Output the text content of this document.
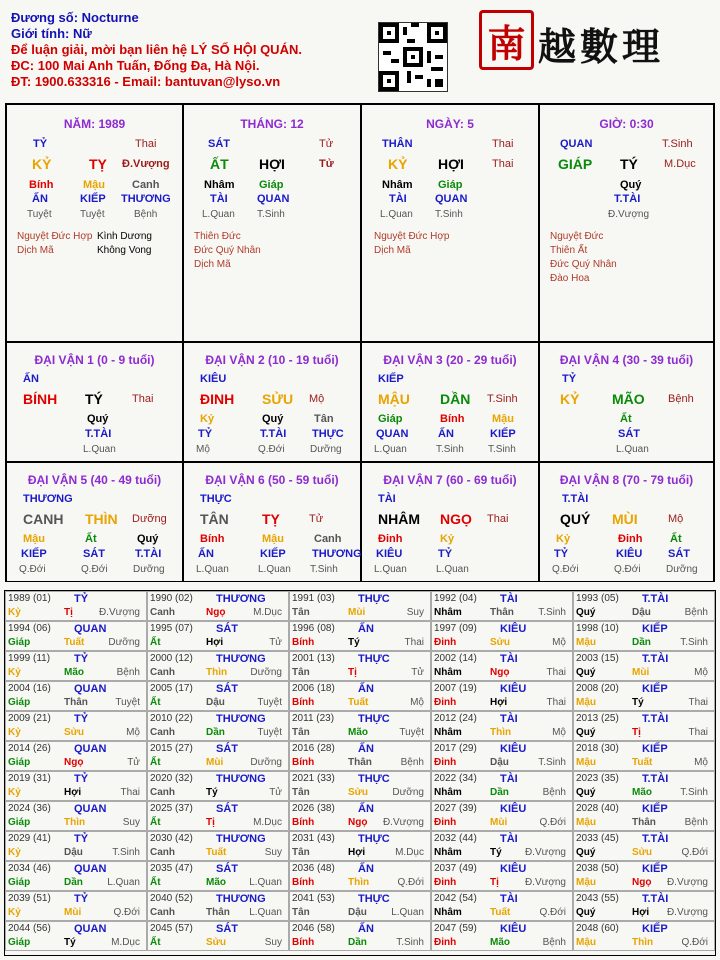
Đương số: Nocturne
Giới tính: Nữ
Để luận giải, mời bạn liên hệ LÝ SỐ HỘI QUÁN.
ĐC: 100 Mai Anh Tuấn, Đống Đa, Hà Nội.
ĐT: 1900.633316 - Email: bantuvan@lyso.vn
南 越數理
NĂM: 1989
TỶ	Thai
KỶ	TỴ Đ.Vượng
Bính	Mậu Canh
ẤN	KIẾP THƯƠNG
Tuyệt	Tuyệt	Bệnh
Nguyệt Đức Hợp
Dịch Mã
Kình Dương
Không Vong
THÁNG: 12
SÁT	Tử
ẤT HỢI	Tử
Nhâm Giáp
TÀI	QUAN
L.Quan T.Sinh
Thiên Đức
Đức Quý Nhân
Dịch Mã
NGÀY: 5
THÂN	Thai
KỶ HỢI	Thai
Nhâm Giáp
TÀI	QUAN
L.Quan T.Sinh
Nguyệt Đức Hợp
Dịch Mã
GIỜ: 0:30
QUAN	T.Sinh
GIÁP TÝ M.Dục
Quý
T.TÀI
Đ.Vượng
Nguyệt Đức
Thiên Ất
Đức Quý Nhân
Đào Hoa
ĐẠI VẬN 1 (0 - 9 tuổi)
ẤN
BÍNH TÝ	Thai
Quý
T.TÀI
L.Quan
ĐẠI VẬN 2 (10 - 19 tuổi)
KIÊU
ĐINH SỬU Mộ
Kỷ
TỶ
Mộ
Quý
T.TÀI
Q.Đới
Tân
THỰC
Dưỡng
ĐẠI VẬN 3 (20 - 29 tuổi)
KIẾP
MẬU DẦN T.Sinh
Giáp
QUAN
L.Quan
Bính
ẤN
T.Sinh
Mậu
KIẾP
T.Sinh
ĐẠI VẬN 4 (30 - 39 tuổi)
TỶ
KỶ MÃO Bệnh
Ất
SÁT
L.Quan
ĐẠI VẬN 5 (40 - 49 tuổi)
THƯƠNG
CANH THÌN Dưỡng
Mậu
KIẾP
Q.Đới
Ất
SÁT
Q.Đới
Quý
T.TÀI
Dưỡng
ĐẠI VẬN 6 (50 - 59 tuổi)
THỰC
TÂN TỴ	Tử
Bính
ẤN
L.Quan
Mậu
KIẾP
L.Quan
Canh
THƯƠNG
T.Sinh
ĐẠI VẬN 7 (60 - 69 tuổi)
TÀI
NHÂM NGỌ Thai
Đinh
KIÊU
L.Quan
Kỷ
TỶ
L.Quan
ĐẠI VẬN 8 (70 - 79 tuổi)
T.TÀI
QUÝ MÙI	Mộ
Kỷ
TỶ
Q.Đới
Đinh
KIÊU
Q.Đới
Ất
SÁT
Dưỡng
1989 (01) TỶ
Kỷ	Tị	Đ.Vượng
1990 (02) THƯƠNG
Canh	Ngọ	M.Dục
1991 (03) THỰC
Tân	Mùi	Suy
1992 (04) TÀI
Nhâm	Thân T.Sinh
1993 (05) T.TÀI
Quý	Dậu	Bệnh
1994 (06) QUAN
Giáp	Tuất Dưỡng
1995 (07) SÁT
Ất	Hợi	Tử
1996 (08) ẤN
Bính	Tý	Thai
1997 (09) KIÊU
Đinh	Sửu	Mộ
1998 (10) KIẾP
Mậu	Dần	T.Sinh
1999 (11) TỶ
Kỷ	Mão	Bệnh
2000 (12) THƯƠNG
Canh	Thìn Dưỡng
2001 (13) THỰC
Tân	Tị	Tử
2002 (14) TÀI
Nhâm	Ngọ	Thai
2003 (15) T.TÀI
Quý	Mùi	Mộ
2004 (16) QUAN
Giáp	Thân	Tuyệt
2005 (17) SÁT
Ất	Dậu	Tuyệt
2006 (18) ẤN
Bính	Tuất	Mộ
2007 (19) KIÊU
Đinh	Hợi	Thai
2008 (20) KIẾP
Mậu	Tý	Thai
2009 (21) TỶ
Kỷ	Sửu	Mộ
2010 (22) THƯƠNG
Canh	Dần	Tuyệt
2011 (23) THỰC
Tân	Mão	Tuyệt
2012 (24) TÀI
Nhâm	Thìn	Mộ
2013 (25) T.TÀI
Quý	Tị	Thai
2014 (26) QUAN
Giáp	Ngọ	Tử
2015 (27) SÁT
Ất	Mùi	Dưỡng
2016 (28) ẤN
Bính	Thân	Bệnh
2017 (29) KIÊU
Đinh	Dậu	T.Sinh
2018 (30) KIẾP
Mậu	Tuất	Mộ
2019 (31) TỶ
Kỷ	Hợi	Thai
2020 (32) THƯƠNG
Canh	Tý	Tử
2021 (33) THỰC
Tân	Sửu Dưỡng
2022 (34) TÀI
Nhâm	Dần	Bệnh
2023 (35) T.TÀI
Quý	Mão	T.Sinh
2024 (36) QUAN
Giáp	Thìn	Suy
2025 (37) SÁT
Ất	Tị	M.Dục
2026 (38) ẤN
Bính	Ngọ Đ.Vượng
2027 (39) KIÊU
Đinh	Mùi	Q.Đới
2028 (40) KIẾP
Mậu	Thân	Bệnh
2029 (41) TỶ
Kỷ	Dậu	T.Sinh
2030 (42) THƯƠNG
Canh	Tuất	Suy
2031 (43) THỰC
Tân	Hợi	M.Dục
2032 (44) TÀI
Nhâm	Tý Đ.Vượng
2033 (45) T.TÀI
Quý	Sửu	Q.Đới
2034 (46) QUAN
Giáp	Dần L.Quan
2035 (47) SÁT
Ất	Mão L.Quan
2036 (48) ẤN
Bính	Thìn	Q.Đới
2037 (49) KIÊU
Đinh	Tị	Đ.Vượng
2038 (50) KIẾP
Mậu	Ngọ Đ.Vượng
2039 (51) TỶ
Kỷ	Mùi	Q.Đới
2040 (52) THƯƠNG
Canh	Thân L.Quan
2041 (53) THỰC
Tân	Dậu L.Quan
2042 (54) TÀI
Nhâm	Tuất	Q.Đới
2043 (55) T.TÀI
Quý	Hợi Đ.Vượng
2044 (56) QUAN
Giáp	Tý	M.Dục
2045 (57) SÁT
Ất	Sửu	Suy
2046 (58) ẤN
Bính	Dần	T.Sinh
2047 (59) KIÊU
Đinh	Mão	Bệnh
2048 (60) KIẾP
Mậu	Thìn	Q.Đới
